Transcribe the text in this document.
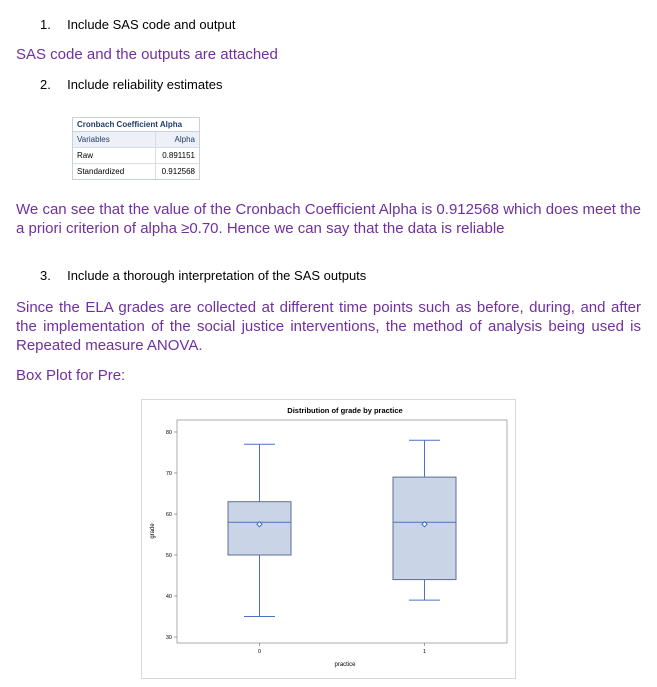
1. Include SAS code and output
SAS code and the outputs are attached
2. Include reliability estimates
Cronbach Coefficient Alpha
Variables	Alpha
Raw	0.891151
Standardized	0.912568
We can see that the value of the Cronbach Coefficient Alpha is 0.912568 which does meet the a priori criterion of alpha ≥0.70. Hence we can say that the data is reliable
3. Include a thorough interpretation of the SAS outputs
Since the ELA grades are collected at different time points such as before, during, and after the implementation of the social justice interventions, the method of analysis being used is Repeated measure ANOVA.
Box Plot for Pre:
Distribution of grade by practice
30
40
50
60
70
80
0	1
practice
grade
